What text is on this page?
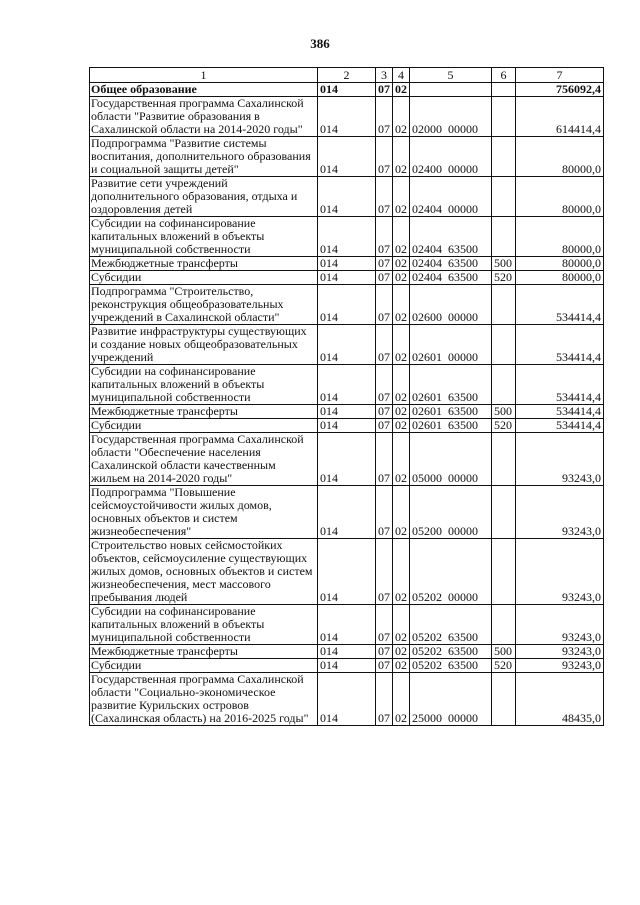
386
1	2	3	4	5	6	7
Общее образование	014	07	02			756092,4
Государственная программа Сахалинской области "Развитие образования в Сахалинской области на 2014-2020 годы"	014	07	02	02000 00000		614414,4
Подпрограмма "Развитие системы воспитания, дополнительного образования и социальной защиты детей"	014	07	02	02400 00000		80000,0
Развитие сети учреждений дополнительного образования, отдыха и оздоровления детей	014	07	02	02404 00000		80000,0
Субсидии на софинансирование капитальных вложений в объекты муниципальной собственности	014	07	02	02404 63500		80000,0
Межбюджетные трансферты	014	07	02	02404 63500	500	80000,0
Субсидии	014	07	02	02404 63500	520	80000,0
Подпрограмма "Строительство, реконструкция общеобразовательных учреждений в Сахалинской области"	014	07	02	02600 00000		534414,4
Развитие инфраструктуры существующих и создание новых общеобразовательных учреждений	014	07	02	02601 00000		534414,4
Субсидии на софинансирование капитальных вложений в объекты муниципальной собственности	014	07	02	02601 63500		534414,4
Межбюджетные трансферты	014	07	02	02601 63500	500	534414,4
Субсидии	014	07	02	02601 63500	520	534414,4
Государственная программа Сахалинской области "Обеспечение населения Сахалинской области качественным жильем на 2014-2020 годы"	014	07	02	05000 00000		93243,0
Подпрограмма "Повышение сейсмоустойчивости жилых домов, основных объектов и систем жизнеобеспечения"	014	07	02	05200 00000		93243,0
Строительство новых сейсмостойких объектов, сейсмоусиление существующих жилых домов, основных объектов и систем жизнеобеспечения, мест массового пребывания людей	014	07	02	05202 00000		93243,0
Субсидии на софинансирование капитальных вложений в объекты муниципальной собственности	014	07	02	05202 63500		93243,0
Межбюджетные трансферты	014	07	02	05202 63500	500	93243,0
Субсидии	014	07	02	05202 63500	520	93243,0
Государственная программа Сахалинской области "Социально-экономическое развитие Курильских островов (Сахалинская область) на 2016-2025 годы"	014	07	02	25000 00000		48435,0
